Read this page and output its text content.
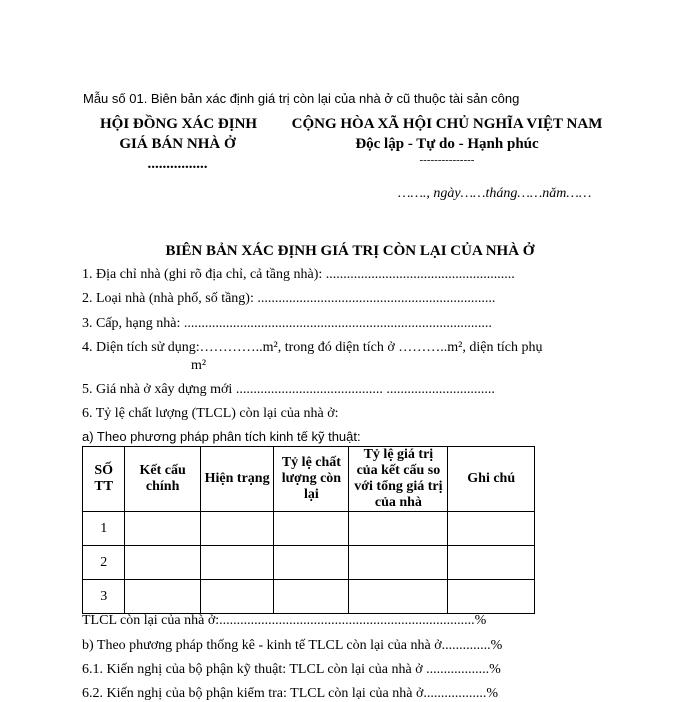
Mẫu số 01. Biên bản xác định giá trị còn lại của nhà ở cũ thuộc tài sản công
HỘI ĐỒNG XÁC ĐỊNH
GIÁ BÁN NHÀ Ở
................
CỘNG HÒA XÃ HỘI CHỦ NGHĨA VIỆT NAM
Độc lập - Tự do - Hạnh phúc
---------------
……., ngày……tháng……năm……
BIÊN BẢN XÁC ĐỊNH GIÁ TRỊ CÒN LẠI CỦA NHÀ Ở
1. Địa chỉ nhà (ghi rõ địa chỉ, cả tầng nhà): ......................................................
2. Loại nhà (nhà phố, số tầng): ....................................................................
3. Cấp, hạng nhà: ........................................................................................
4. Diện tích sử dụng:…………..m², trong đó diện tích ở ………..m², diện tích phụ
m²
5. Giá nhà ở xây dựng mới .......................................... ...............................
6. Tỷ lệ chất lượng (TLCL) còn lại của nhà ở:
a) Theo phương pháp phân tích kinh tế kỹ thuật:
SỐ TT	Kết cấu chính	Hiện trạng	Tỷ lệ chất lượng còn lại	Tỷ lệ giá trị của kết cấu so với tổng giá trị của nhà	Ghi chú
1					
2					
3					
TLCL còn lại của nhà ở:.........................................................................%
b) Theo phương pháp thống kê - kinh tế TLCL còn lại của nhà ở..............%
6.1. Kiến nghị của bộ phận kỹ thuật: TLCL còn lại của nhà ở ..................%
6.2. Kiến nghị của bộ phận kiểm tra: TLCL còn lại của nhà ở..................%
